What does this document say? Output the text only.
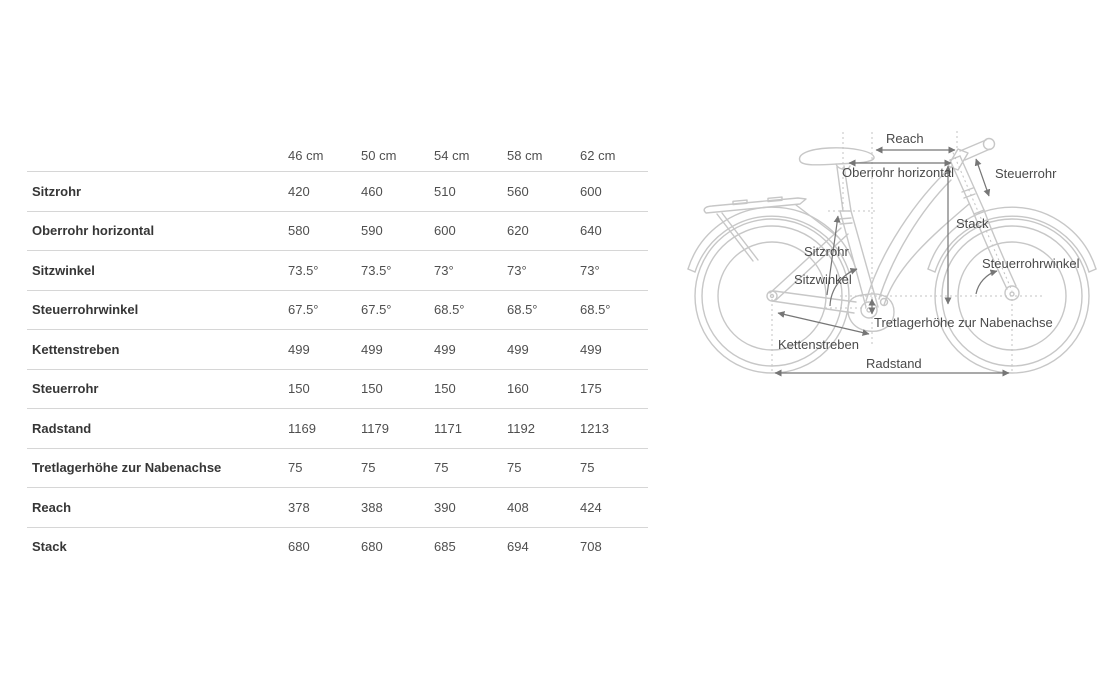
	46 cm	50 cm	54 cm	58 cm	62 cm
Sitzrohr	420	460	510	560	600
Oberrohr horizontal	580	590	600	620	640
Sitzwinkel	73.5°	73.5°	73°	73°	73°
Steuerrohrwinkel	67.5°	67.5°	68.5°	68.5°	68.5°
Kettenstreben	499	499	499	499	499
Steuerrohr	150	150	150	160	175
Radstand	1169	1179	1171	1192	1213
Tretlagerhöhe zur Nabenachse	75	75	75	75	75
Reach	378	388	390	408	424
Stack	680	680	685	694	708
Reach
Oberrohr horizontal	Steuerrohr
Stack
Sitzrohr
Sitzwinkel
Steuerrohrwinkel
Tretlagerhöhe zur Nabenachse
Kettenstreben
Radstand
